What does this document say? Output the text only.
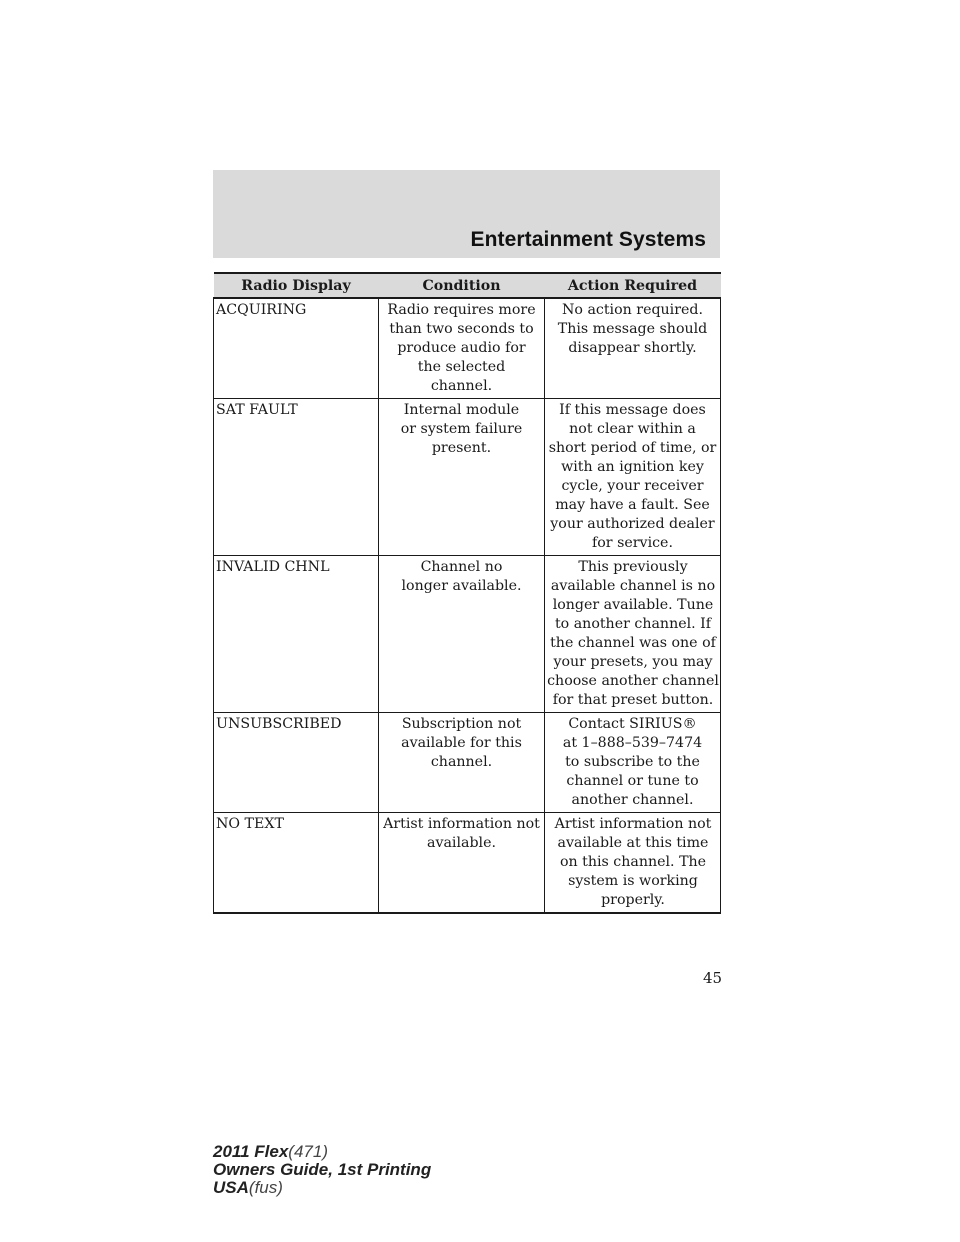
Entertainment Systems
Radio Display	Condition	Action Required
ACQUIRING	Radio requires more than two seconds to produce audio for the selected channel.	No action required. This message should disappear shortly.

SAT FAULT	Internal module or system failure present.	If this message does not clear within a short period of time, or with an ignition key cycle, your receiver may have a fault. See your authorized dealer for service.

INVALID CHNL	Channel no longer available.	This previously available channel is no longer available. Tune to another channel. If the channel was one of your presets, you may choose another channel for that preset button.

UNSUBSCRIBED	Subscription not available for this channel.	Contact SIRIUS® at 1–888–539–7474 to subscribe to the channel or tune to another channel.

NO TEXT	Artist information not available.	Artist information not available at this time on this channel. The system is working properly.
45
2011 Flex(471)
Owners Guide, 1st Printing
USA(fus)
